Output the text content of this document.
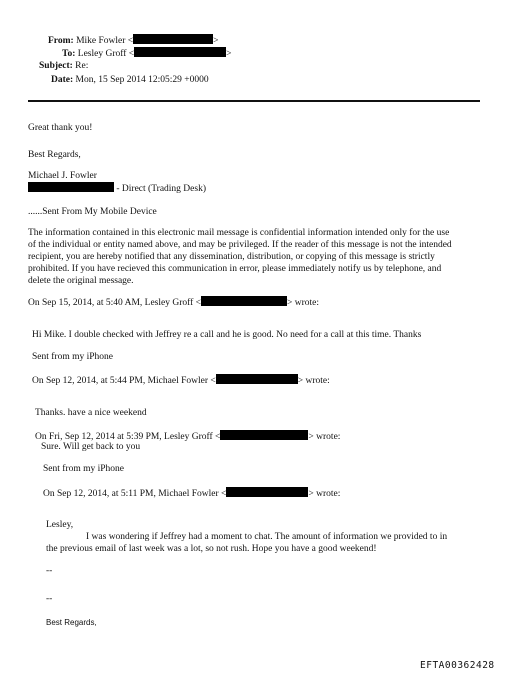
From: Mike Fowler <	>
To: Lesley Groff <	>
Subject: Re:
Date: Mon, 15 Sep 2014 12:05:29 +0000
Great thank you!
Best Regards,
Michael J. Fowler
- Direct (Trading Desk)
......Sent From My Mobile Device
The information contained in this electronic mail message is confidential information intended only for the use
of the individual or entity named above, and may be privileged. If the reader of this message is not the intended
recipient, you are hereby notified that any dissemination, distribution, or copying of this message is strictly
prohibited. If you have recieved this communication in error, please immediately notify us by telephone, and
delete the original message.
On Sep 15, 2014, at 5:40 AM, Lesley Groff <	> wrote:
Hi Mike. I double checked with Jeffrey re a call and he is good. No need for a call at this time. Thanks
Sent from my iPhone
On Sep 12, 2014, at 5:44 PM, Michael Fowler <	> wrote:
Thanks. have a nice weekend
On Fri, Sep 12, 2014 at 5:39 PM, Lesley Groff <	> wrote:
Sure. Will get back to you
Sent from my iPhone
On Sep 12, 2014, at 5:11 PM, Michael Fowler <	> wrote:
Lesley,
I was wondering if Jeffrey had a moment to chat. The amount of information we provided to in
the previous email of last week was a lot, so not rush. Hope you have a good weekend!
--
--
Best Regards,
EFTA00362428
